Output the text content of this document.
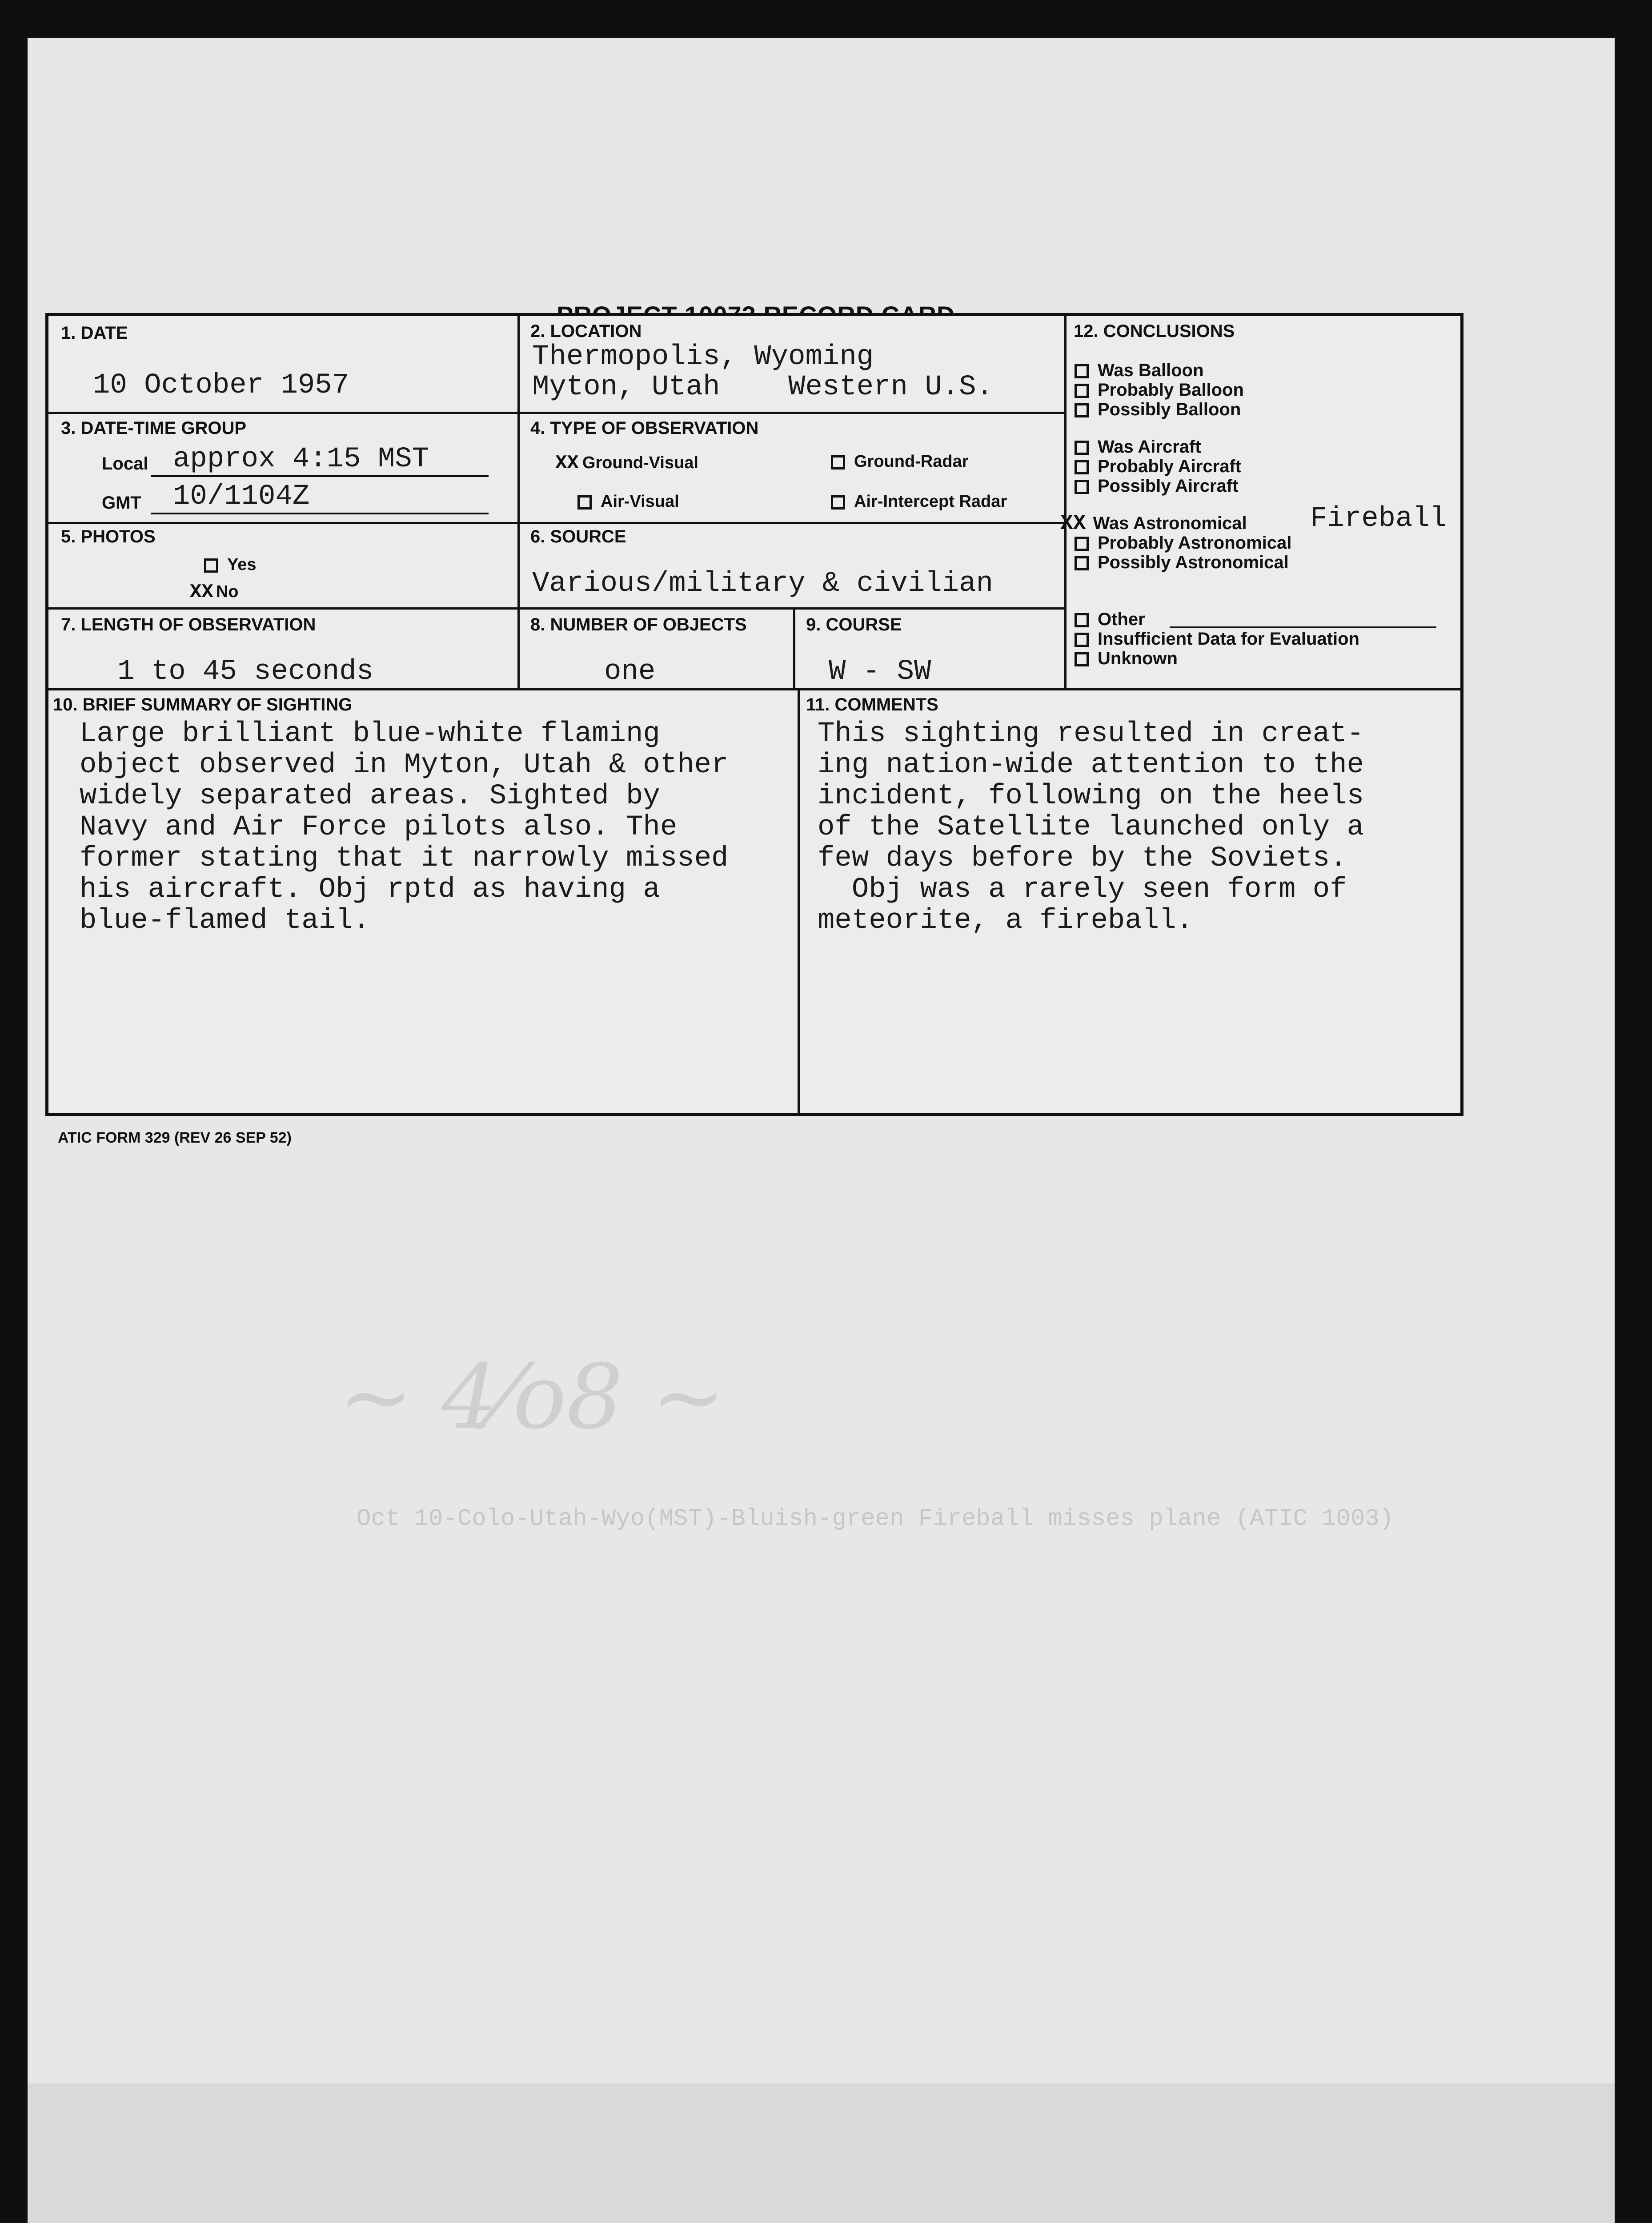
Oct 10-Colo-Utah-Wyo(MST)-Bluish-green Fireball misses plane (ATIC 1003)
~ 4⁄o8 ~
1. DATE
10 October 1957
2. LOCATION
Thermopolis, Wyoming
Myton, Utah    Western U.S.
12. CONCLUSIONS
Was Balloon
Probably Balloon
Possibly Balloon
Was Aircraft
Probably Aircraft
Possibly Aircraft
XX Was Astronomical Fireball
Probably Astronomical
Possibly Astronomical
Other
Insufficient Data for Evaluation
Unknown
3. DATE-TIME GROUP
Local approx 4:15 MST
GMT 10/1104Z
4. TYPE OF OBSERVATION
XX Ground-Visual	Ground-Radar
Air-Visual	Air-Intercept Radar
5. PHOTOS
Yes
XX No
6. SOURCE
Various/military & civilian
7. LENGTH OF OBSERVATION
1 to 45 seconds
8. NUMBER OF OBJECTS
one
9. COURSE
W - SW
10. BRIEF SUMMARY OF SIGHTING
Large brilliant blue-white flaming
object observed in Myton, Utah & other
widely separated areas. Sighted by
Navy and Air Force pilots also. The
former stating that it narrowly missed
his aircraft. Obj rptd as having a
blue-flamed tail.
11. COMMENTS
This sighting resulted in creat-
ing nation-wide attention to the
incident, following on the heels
of the Satellite launched only a
few days before by the Soviets.
Obj was a rarely seen form of
meteorite, a fireball.
ATIC FORM 329 (REV 26 SEP 52)
